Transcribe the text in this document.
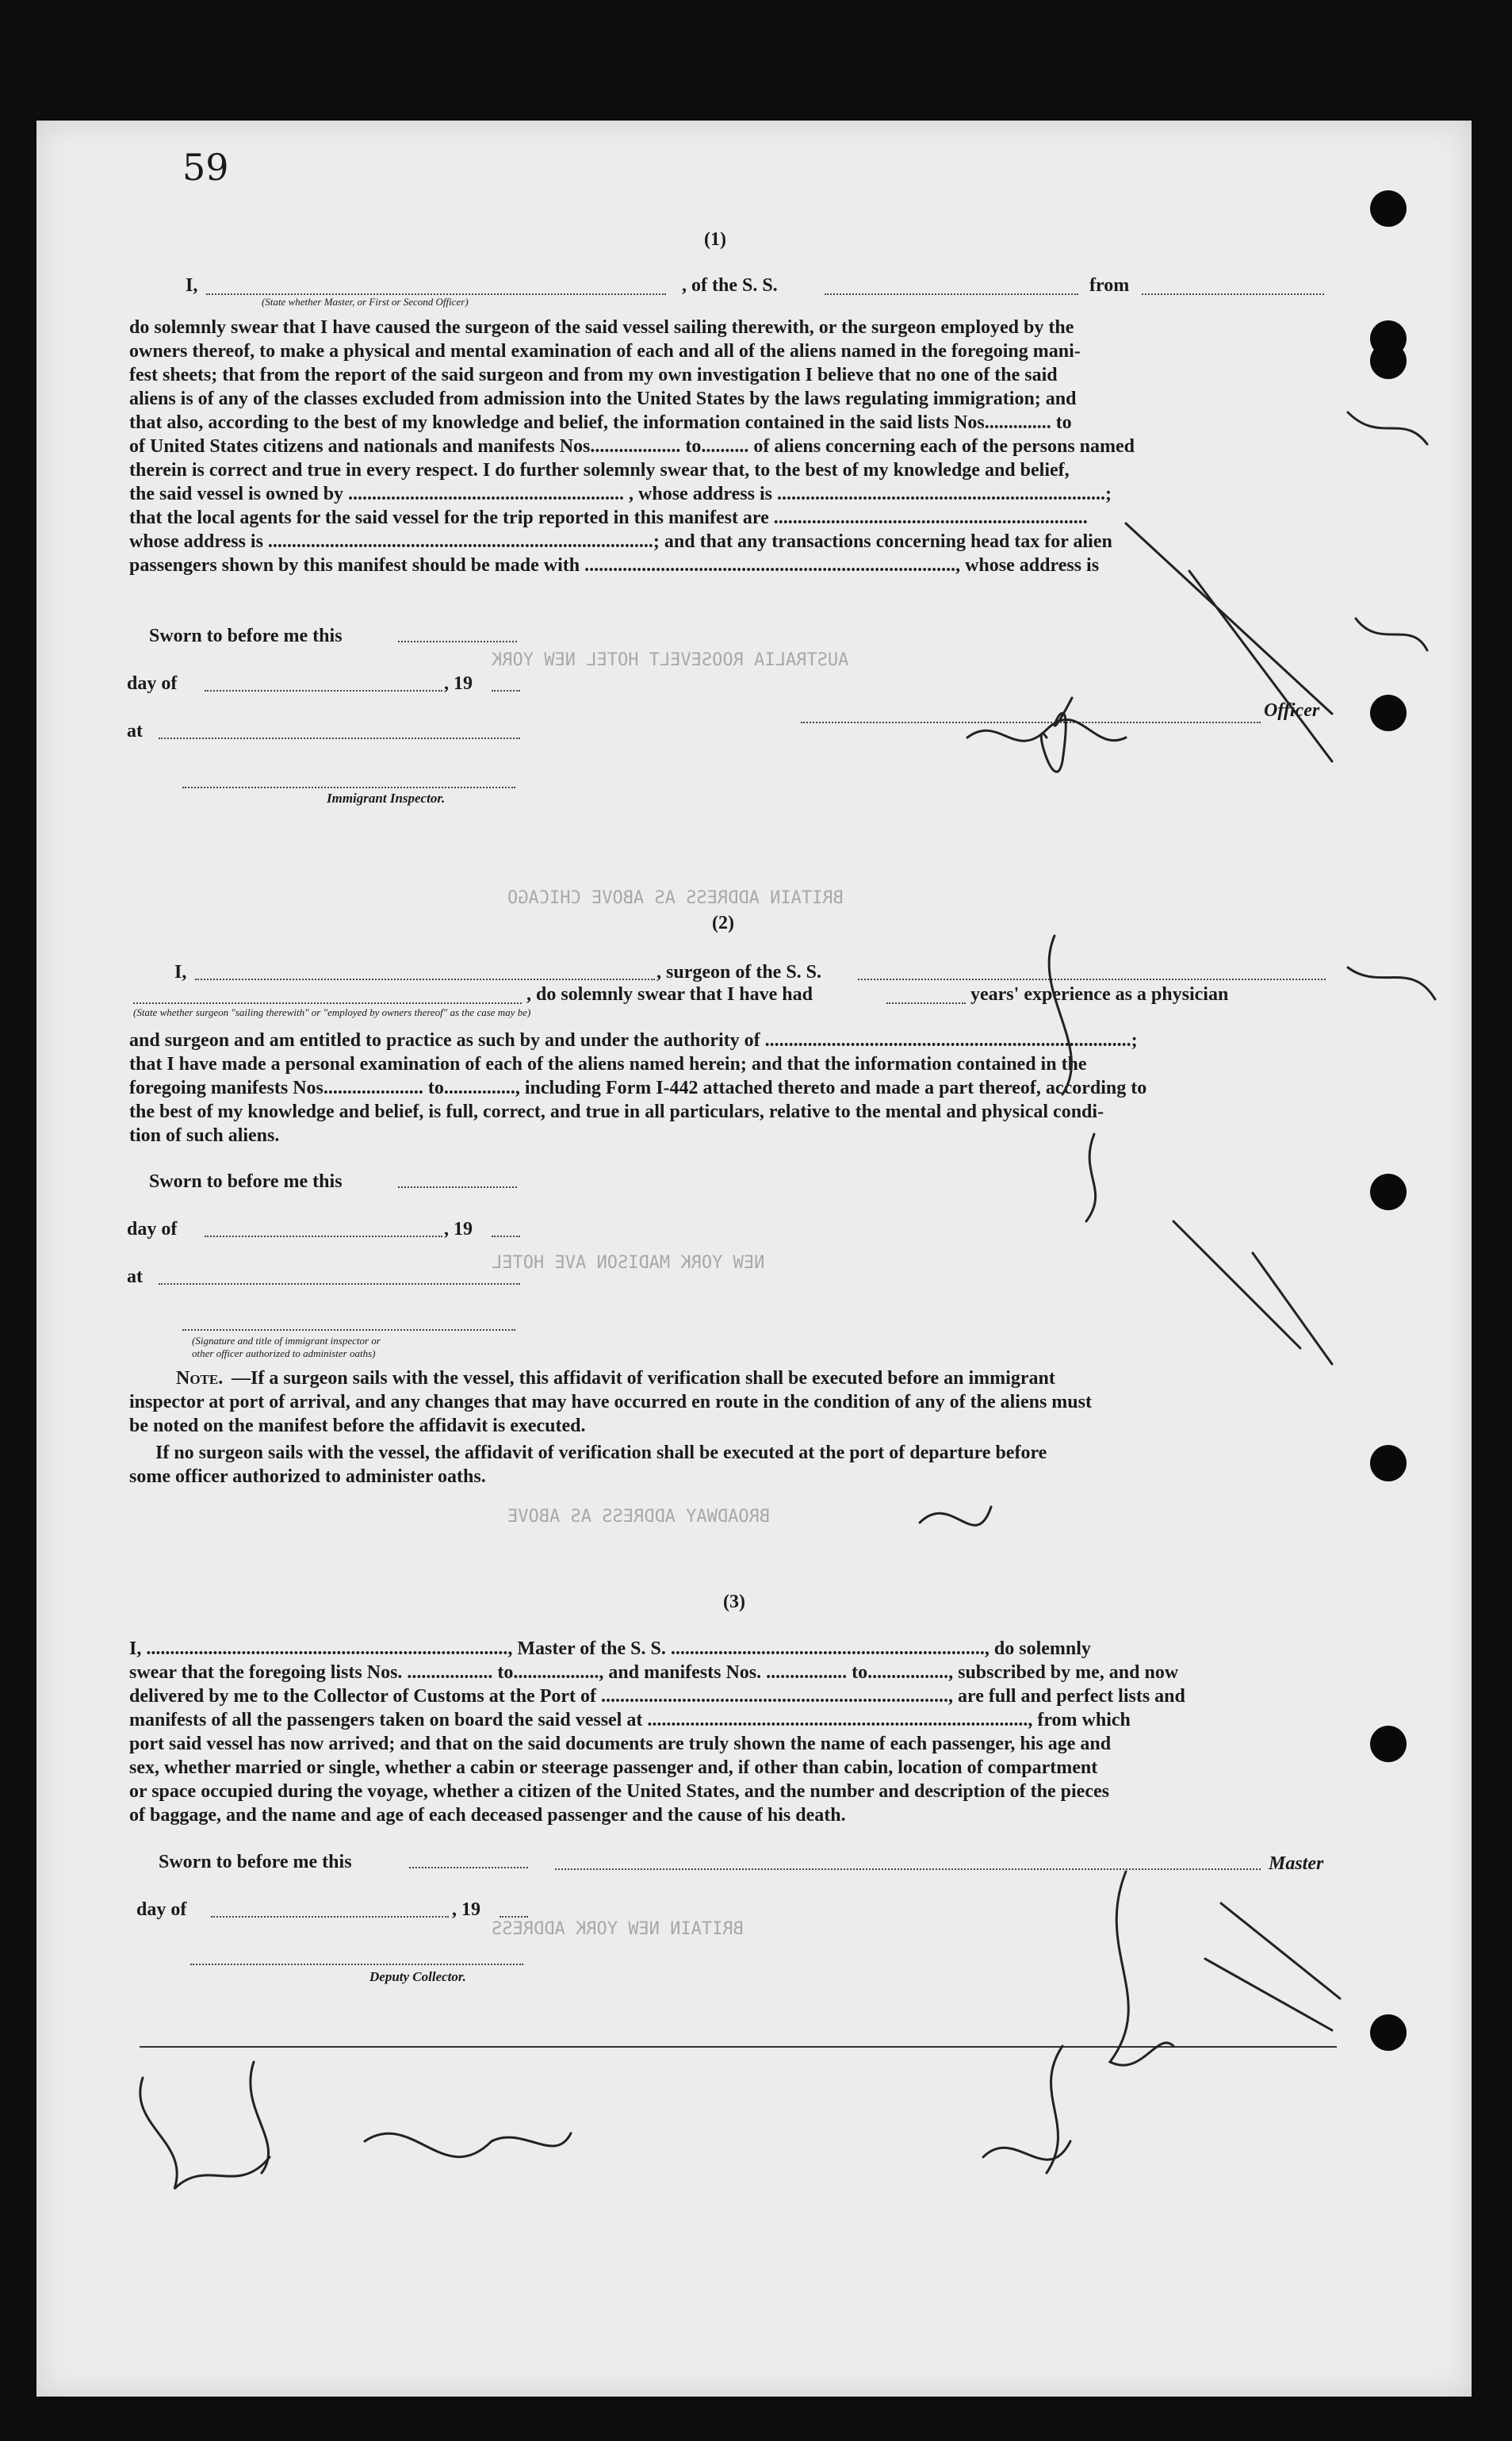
AUSTRALIA ROOSEVELT HOTEL NEW YORK
BRITAIN ADDRESS AS ABOVE CHICAGO
NEW YORK MADISON AVE HOTEL
BROADWAY ADDRESS AS ABOVE
BRITAIN NEW YORK ADDRESS
59
(1)
I,
(State whether Master, or First or Second Officer)
, of the S. S.	from
do solemnly swear that I have caused the surgeon of the said vessel sailing therewith, or the surgeon employed by the
owners thereof, to make a physical and mental examination of each and all of the aliens named in the foregoing mani-
fest sheets; that from the report of the said surgeon and from my own investigation I believe that no one of the said
aliens is of any of the classes excluded from admission into the United States by the laws regulating immigration; and
that also, according to the best of my knowledge and belief, the information contained in the said lists Nos.............. to
of United States citizens and nationals and manifests Nos................... to.......... of aliens concerning each of the persons named
therein is correct and true in every respect. I do further solemnly swear that, to the best of my knowledge and belief,
the said vessel is owned by .......................................................... , whose address is .....................................................................;
that the local agents for the said vessel for the trip reported in this manifest are ..................................................................
whose address is .................................................................................; and that any transactions concerning head tax for alien
passengers shown by this manifest should be made with .............................................................................., whose address is
Sworn to before me this
day of	, 19
at
Immigrant Inspector.
Officer
(2)
I,	, surgeon of the S. S.
, do solemnly swear that I have had	years' experience as a physician
(State whether surgeon "sailing therewith" or "employed by owners thereof" as the case may be)
and surgeon and am entitled to practice as such by and under the authority of .............................................................................;
that I have made a personal examination of each of the aliens named herein; and that the information contained in the
foregoing manifests Nos..................... to..............., including Form I-442 attached thereto and made a part thereof, according to
the best of my knowledge and belief, is full, correct, and true in all particulars, relative to the mental and physical condi-
tion of such aliens.
Sworn to before me this
day of	, 19
at
(Signature and title of immigrant inspector or
other officer authorized to administer oaths)
Note. —If a surgeon sails with the vessel, this affidavit of verification shall be executed before an immigrant
inspector at port of arrival, and any changes that may have occurred en route in the condition of any of the aliens must
be noted on the manifest before the affidavit is executed.
If no surgeon sails with the vessel, the affidavit of verification shall be executed at the port of departure before
some officer authorized to administer oaths.
(3)
I, ............................................................................, Master of the S. S. .................................................................., do solemnly
swear that the foregoing lists Nos. .................. to.................., and manifests Nos. ................. to................., subscribed by me, and now
delivered by me to the Collector of Customs at the Port of ........................................................................., are full and perfect lists and
manifests of all the passengers taken on board the said vessel at ................................................................................, from which
port said vessel has now arrived; and that on the said documents are truly shown the name of each passenger, his age and
sex, whether married or single, whether a cabin or steerage passenger and, if other than cabin, location of compartment
or space occupied during the voyage, whether a citizen of the United States, and the number and description of the pieces
of baggage, and the name and age of each deceased passenger and the cause of his death.
Sworn to before me this	Master
day of	, 19
Deputy Collector.
